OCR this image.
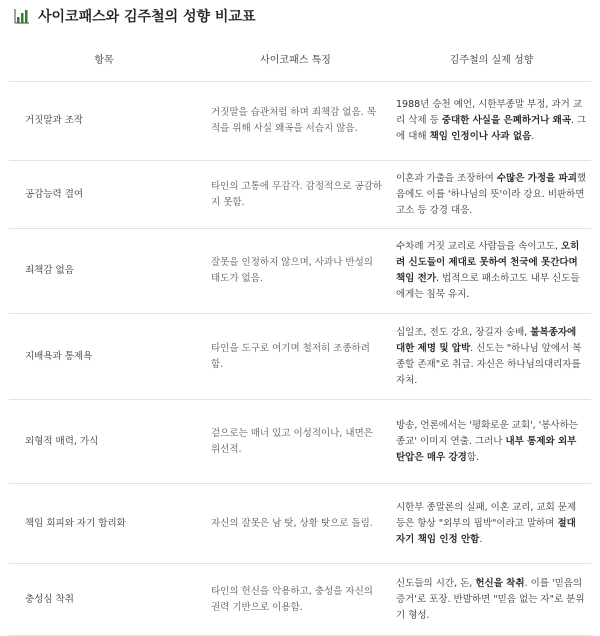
사이코패스와 김주철의 성향 비교표
항목	사이코패스 특징	김주철의 실제 성향
거짓말과 조작	거짓말을 습관처럼 하며 죄책감 없음. 목적을 위해 사실 왜곡을 서슴지 않음.	1988년 승천 예언, 시한부종말 부정, 과거 교리 삭제 등 중대한 사실을 은폐하거나 왜곡. 그에 대해 책임 인정이나 사과 없음.
공감능력 결여	타인의 고통에 무감각. 감정적으로 공감하지 못함.	이혼과 가출을 조장하여 수많은 가정을 파괴했음에도 이를 '하나님의 뜻'이라 강요. 비판하면 고소 등 강경 대응.
죄책감 없음	잘못을 인정하지 않으며, 사과나 반성의 태도가 없음.	수차례 거짓 교리로 사람들을 속이고도, 오히려 신도들이 제대로 못하여 천국에 못간다며 책임 전가. 법적으로 패소하고도 내부 신도들에게는 침묵 유지.
지배욕과 통제욕	타인을 도구로 여기며 철저히 조종하려 함.	십일조, 전도 강요, 장길자 숭배, 불복종자에 대한 제명 및 압박. 신도는 "하나님 앞에서 복종할 존재"로 취급. 자신은 하나님의대리자를 자처.
외형적 매력, 가식	겉으로는 매너 있고 이성적이나, 내면은 위선적.	방송, 언론에서는 '평화로운 교회', '봉사하는 종교' 이미지 연출. 그러나 내부 통제와 외부 탄압은 매우 강경함.
책임 회피와 자기 합리화	자신의 잘못은 남 탓, 상황 탓으로 돌림.	시한부 종말론의 실패, 이혼 교리, 교회 문제 등은 항상 "외부의 핍박"이라고 말하며 절대 자기 책임 인정 안함.
충성심 착취	타인의 헌신을 악용하고, 충성을 자신의 권력 기반으로 이용함.	신도들의 시간, 돈, 헌신을 착취. 이를 '믿음의 증거'로 포장. 반발하면 "믿음 없는 자"로 분위기 형성.
